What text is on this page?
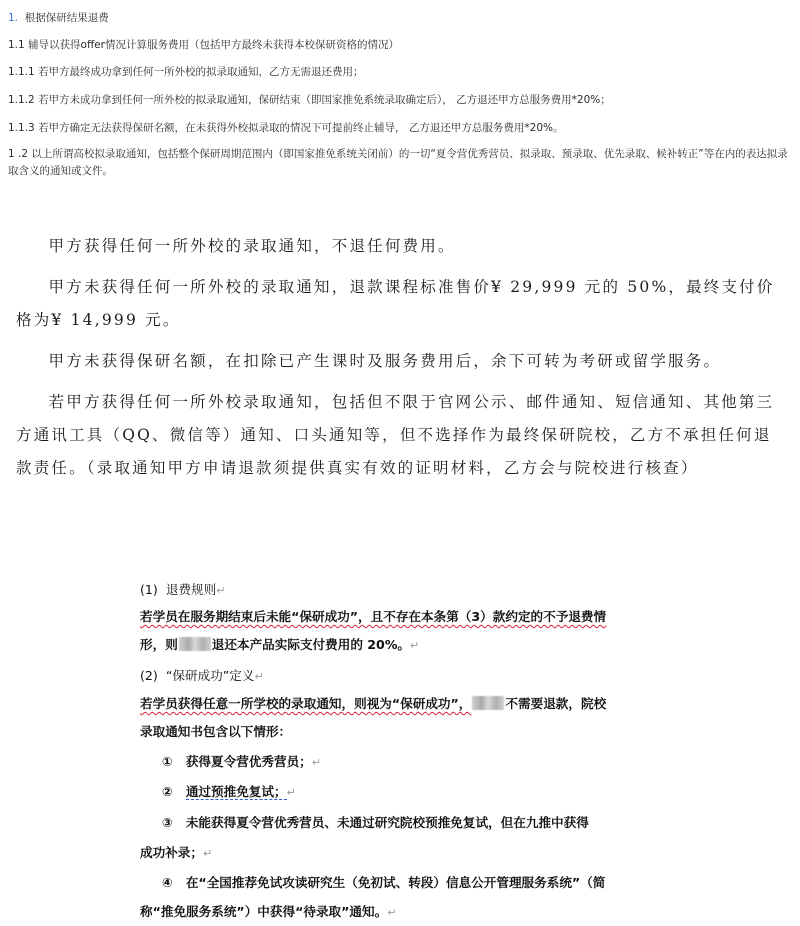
1. 根据保研结果退费
1.1 辅导以获得offer情况计算服务费用（包括甲方最终未获得本校保研资格的情况）
1.1.1 若甲方最终成功拿到任何一所外校的拟录取通知，乙方无需退还费用；
1.1.2 若甲方未成功拿到任何一所外校的拟录取通知，保研结束（即国家推免系统录取确定后）， 乙方退还甲方总服务费用*20%；
1.1.3 若甲方确定无法获得保研名额，在未获得外校拟录取的情况下可提前终止辅导， 乙方退还甲方总服务费用*20%。
1 .2 以上所谓高校拟录取通知，包括整个保研周期范围内（即国家推免系统关闭前）的一切“夏令营优秀营员、拟录取、预录取、优先录取、候补转正”等在内的表达拟录取含义的通知或文件。

甲方获得任何一所外校的录取通知，不退任何费用。

甲方未获得任何一所外校的录取通知，退款课程标准售价¥ 29,999 元的 50%，最终支付价格为¥ 14,999 元。

甲方未获得保研名额，在扣除已产生课时及服务费用后，余下可转为考研或留学服务。

若甲方获得任何一所外校录取通知，包括但不限于官网公示、邮件通知、短信通知、其他第三方通讯工具（QQ、微信等）通知、口头通知等，但不选择作为最终保研院校，乙方不承担任何退款责任。（录取通知甲方申请退款须提供真实有效的证明材料，乙方会与院校进行核查）

(1) 退费规则↵
若学员在服务期结束后未能“保研成功”，且不存在本条第（3）款约定的不予退费情
形，则	退还本产品实际支付费用的 20%。↵
(2) “保研成功”定义↵
若学员获得任意一所学校的录取通知，则视为“保研成功”，	不需要退款，院校
录取通知书包含以下情形：
① 获得夏令营优秀营员；↵
② 通过预推免复试；↵
③ 未能获得夏令营优秀营员、未通过研究院校预推免复试，但在九推中获得
成功补录；↵
④ 在“全国推荐免试攻读研究生（免初试、转段）信息公开管理服务系统”（简
称“推免服务系统”）中获得“待录取”通知。↵
